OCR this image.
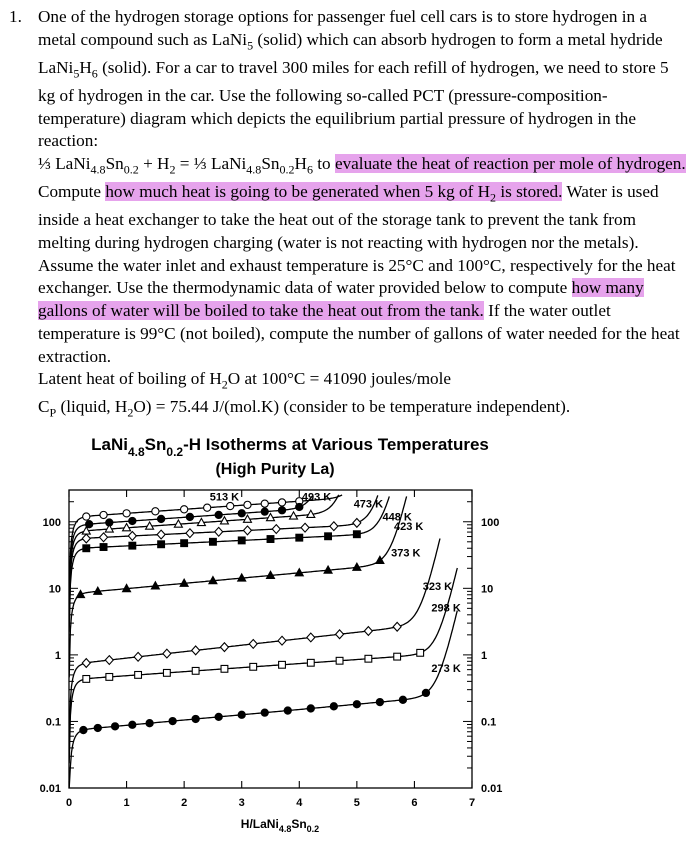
1. One of the hydrogen storage options for passenger fuel cell cars is to store hydrogen in a metal compound such as LaNi$_5$ (solid) which can absorb hydrogen to form a metal hydride $LaNi_5H_6$ (solid). For a car to travel 300 miles for each refill of hydrogen, we need to store 5 kg of hydrogen in the car. Use the following so-called PCT (pressure-composition-temperature) diagram which depicts the equilibrium partial pressure of hydrogen in the reaction:
⅓ $LaNi_{4.8}Sn_{0.2} + H_2$ = ⅓ $LaNi_{4.8}Sn_{0.2}H_6$ to evaluate the heat of reaction per mole of hydrogen. Compute how much heat is going to be generated when 5 kg of $H_2$ is stored. Water is used inside a heat exchanger to take the heat out of the storage tank to prevent the tank from melting during hydrogen charging (water is not reacting with hydrogen nor the metals). Assume the water inlet and exhaust temperature is 25°C and 100°C, respectively for the heat exchanger. Use the thermodynamic data of water provided below to compute how many gallons of water will be boiled to take the heat out from the tank. If the water outlet temperature is 99°C (not boiled), compute the number of gallons of water needed for the heat extraction.
Latent heat of boiling of $H_2O$ at 100°C = 41090 joules/mole
$C_P$ (liquid, $H_2O) = 75.44$ J/(mol.K) (consider to be temperature independent).
$LaNi_{4.8}Sn_{0.2}-H$ Isotherms at Various Temperatures
(High Purity La)
$H/LaNi_{4.8}Sn_{0.2}$
0	1	2	3	4	5	6	7
0.01	0.01
0.1	0.1
1	1
10	10
100	100
513 K	493 K
473 K
448 K
423 K
373 K
323 K
298 K
273 K
